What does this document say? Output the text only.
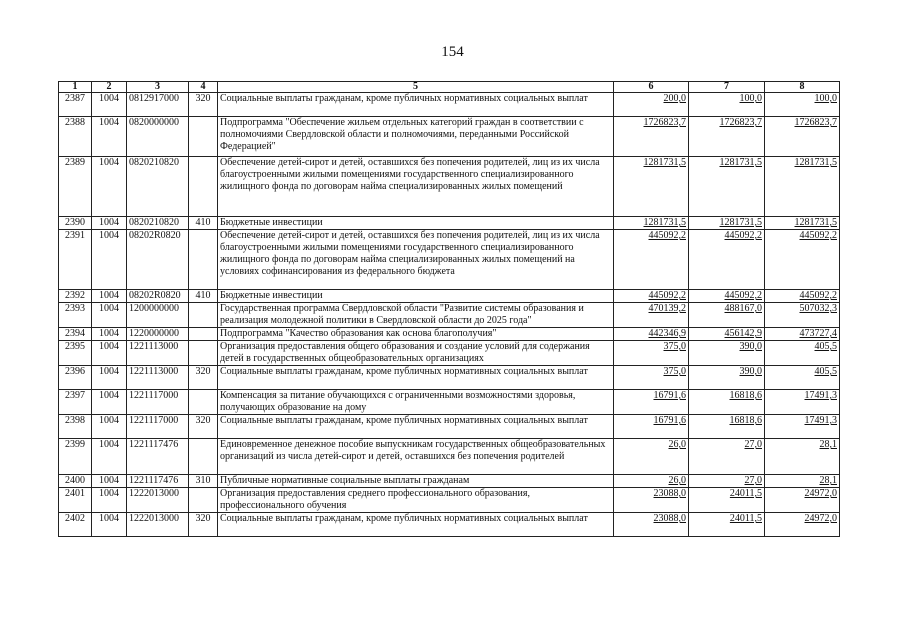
154
1	2	3	4	5	6	7	8
2387	1004	0812917000	320	Социальные выплаты гражданам, кроме публичных нормативных социальных выплат	200,0	100,0	100,0
2388	1004	0820000000		Подпрограмма "Обеспечение жильем отдельных категорий граждан в соответствии с полномочиями Свердловской области и полномочиями, переданными Российской Федерацией"	1726823,7	1726823,7	1726823,7
2389	1004	0820210820		Обеспечение детей-сирот и детей, оставшихся без попечения родителей, лиц из их числа благоустроенными жилыми помещениями государственного специализированного жилищного фонда по договорам найма специализированных жилых помещений	1281731,5	1281731,5	1281731,5
2390	1004	0820210820	410	Бюджетные инвестиции	1281731,5	1281731,5	1281731,5
2391	1004	08202R0820		Обеспечение детей-сирот и детей, оставшихся без попечения родителей, лиц из их числа благоустроенными жилыми помещениями государственного специализированного жилищного фонда по договорам найма специализированных жилых помещений на условиях софинансирования из федерального бюджета	445092,2	445092,2	445092,2
2392	1004	08202R0820	410	Бюджетные инвестиции	445092,2	445092,2	445092,2
2393	1004	1200000000		Государственная программа Свердловской области "Развитие системы образования и реализация молодежной политики в Свердловской области до 2025 года"	470139,2	488167,0	507032,3
2394	1004	1220000000		Подпрограмма "Качество образования как основа благополучия"	442346,9	456142,9	473727,4
2395	1004	1221113000		Организация предоставления общего образования и создание условий для содержания детей в государственных общеобразовательных организациях	375,0	390,0	405,5
2396	1004	1221113000	320	Социальные выплаты гражданам, кроме публичных нормативных социальных выплат	375,0	390,0	405,5
2397	1004	1221117000		Компенсация за питание обучающихся с ограниченными возможностями здоровья, получающих образование на дому	16791,6	16818,6	17491,3
2398	1004	1221117000	320	Социальные выплаты гражданам, кроме публичных нормативных социальных выплат	16791,6	16818,6	17491,3
2399	1004	1221117476		Единовременное денежное пособие выпускникам государственных общеобразовательных организаций из числа детей-сирот и детей, оставшихся без попечения родителей	26,0	27,0	28,1
2400	1004	1221117476	310	Публичные нормативные социальные выплаты гражданам	26,0	27,0	28,1
2401	1004	1222013000		Организация предоставления среднего профессионального образования, профессионального обучения	23088,0	24011,5	24972,0
2402	1004	1222013000	320	Социальные выплаты гражданам, кроме публичных нормативных социальных выплат	23088,0	24011,5	24972,0
